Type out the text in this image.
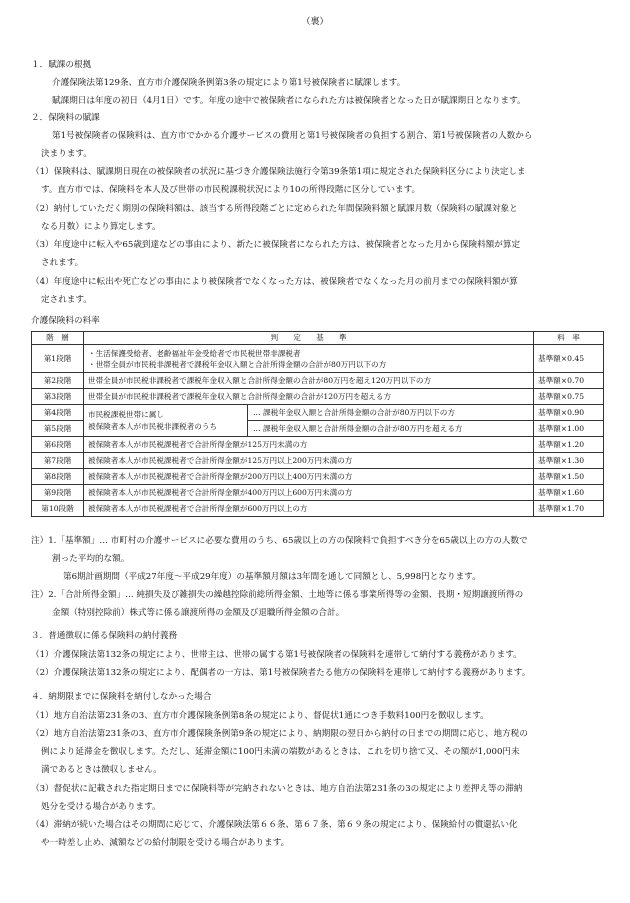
（裏）
１．賦課の根拠
介護保険法第129条、直方市介護保険条例第3条の規定により第1号被保険者に賦課します。
賦課期日は年度の初日（4月1日）です。年度の途中で被保険者になられた方は被保険者となった日が賦課期日となります。
２．保険料の賦課
第1号被保険者の保険料は、直方市でかかる介護サービスの費用と第1号被保険者の負担する割合、第1号被保険者の人数から
決まります。
（1）保険料は、賦課期日現在の被保険者の状況に基づき介護保険法施行令第39条第1項に規定された保険料区分により決定しま
す。直方市では、保険料を本人及び世帯の市民税課税状況により10の所得段階に区分しています。
（2）納付していただく期別の保険料額は、該当する所得段階ごとに定められた年間保険料額と賦課月数（保険料の賦課対象と
なる月数）により算定します。
（3）年度途中に転入や65歳到達などの事由により、新たに被保険者になられた方は、被保険者となった月から保険料額が算定
されます。
（4）年度途中に転出や死亡などの事由により被保険者でなくなった方は、被保険者でなくなった月の前月までの保険料額が算
定されます。
介護保険料の料率
階　層	判　　定　　基　　準		料　率
第1段階	・生活保護受給者、老齢福祉年金受給者で市民税世帯非課税者
・世帯全員が市民税非課税者で課税年金収入額と合計所得金額の合計が80万円以下の方		基準額×0.45
第2段階	世帯全員が市民税非課税者で課税年金収入額と合計所得金額の合計が80万円を超え120万円以下の方		基準額×0.70
第3段階	世帯全員が市民税非課税者で課税年金収入額と合計所得金額の合計が120万円を超える方		基準額×0.75
第4段階	市民税課税世帯に属し
被保険者本人が市民税非課税者のうち	… 課税年金収入額と合計所得金額の合計が80万円以下の方	基準額×0.90
第5段階		… 課税年金収入額と合計所得金額の合計が80万円を超える方	基準額×1.00
第6段階	被保険者本人が市民税課税者で合計所得金額が125万円未満の方		基準額×1.20
第7段階	被保険者本人が市民税課税者で合計所得金額が125万円以上200万円未満の方		基準額×1.30
第8段階	被保険者本人が市民税課税者で合計所得金額が200万円以上400万円未満の方		基準額×1.50
第9段階	被保険者本人が市民税課税者で合計所得金額が400万円以上600万円未満の方		基準額×1.60
第10段階	被保険者本人が市民税課税者で合計所得金額が600万円以上の方		基準額×1.70
注）1.「基準額」… 市町村の介護サービスに必要な費用のうち、65歳以上の方の保険料で負担すべき分を65歳以上の方の人数で
割った平均的な額。
第6期計画期間（平成27年度～平成29年度）の基準額月額は3年間を通して同額とし、5,998円となります。
注）2.「合計所得金額」… 純損失及び雑損失の繰越控除前総所得金額、土地等に係る事業所得等の金額、長期・短期譲渡所得の
金額（特別控除前）株式等に係る譲渡所得の金額及び退職所得金額の合計。
３．普通徴収に係る保険料の納付義務
（1）介護保険法第132条の規定により、世帯主は、世帯の属する第1号被保険者の保険料を連帯して納付する義務があります。
（2）介護保険法第132条の規定により、配偶者の一方は、第1号被保険者たる他方の保険料を連帯して納付する義務があります。
４．納期限までに保険料を納付しなかった場合
（1）地方自治法第231条の3、直方市介護保険条例第8条の規定により、督促状1通につき手数料100円を徴収します。
（2）地方自治法第231条の3、直方市介護保険条例第9条の規定により、納期限の翌日から納付の日までの期間に応じ、地方税の
例により延滞金を徴収します。ただし、延滞金額に100円未満の端数があるときは、これを切り捨て又、その額が1,000円未
満であるときは徴収しません。
（3）督促状に記載された指定期日までに保険料等が完納されないときは、地方自治法第231条の3の規定により差押え等の滞納
処分を受ける場合があります。
（4）滞納が続いた場合はその期間に応じて、介護保険法第６６条、第６７条、第６９条の規定により、保険給付の償還払い化
や一時差し止め、減額などの給付制限を受ける場合があります。
